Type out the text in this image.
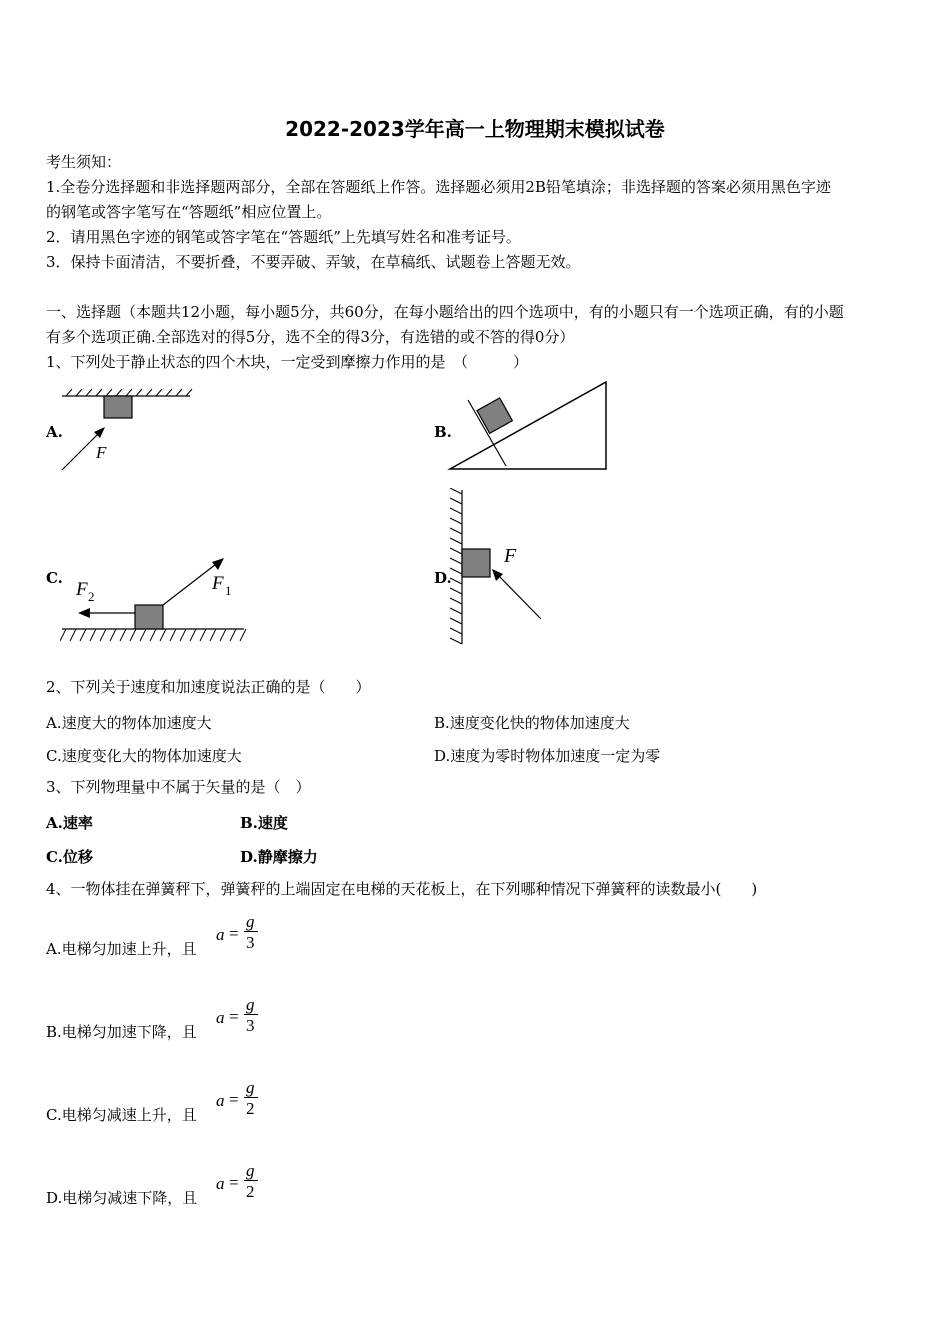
2022-2023学年高一上物理期末模拟试卷
考生须知：
1.全卷分选择题和非选择题两部分，全部在答题纸上作答。选择题必须用2B铅笔填涂；非选择题的答案必须用黑色字迹
的钢笔或答字笔写在“答题纸”相应位置上。
2．请用黑色字迹的钢笔或答字笔在“答题纸”上先填写姓名和准考证号。
3．保持卡面清洁，不要折叠，不要弄破、弄皱，在草稿纸、试题卷上答题无效。
一、选择题（本题共12小题，每小题5分，共60分，在每小题给出的四个选项中，有的小题只有一个选项正确，有的小题
有多个选项正确.全部选对的得5分，选不全的得3分，有选错的或不答的得0分）
1、下列处于静止状态的四个木块，一定受到摩擦力作用的是　（　　　）
A.	B.
C.	D.
F
F 2
F 1
F
2、下列关于速度和加速度说法正确的是（　　）
A.速度大的物体加速度大	B.速度变化快的物体加速度大
C.速度变化大的物体加速度大	D.速度为零时物体加速度一定为零
3、下列物理量中不属于矢量的是（　）
A.速率	B.速度
C.位移	D.静摩擦力
4、一物体挂在弹簧秤下，弹簧秤的上端固定在电梯的天花板上，在下列哪种情况下弹簧秤的读数最小(　　)
A.电梯匀加速上升，且
a =
g
3
B.电梯匀加速下降，且
a =
g
3
C.电梯匀减速上升，且
a =
g
2
D.电梯匀减速下降，且
a =
g
2
